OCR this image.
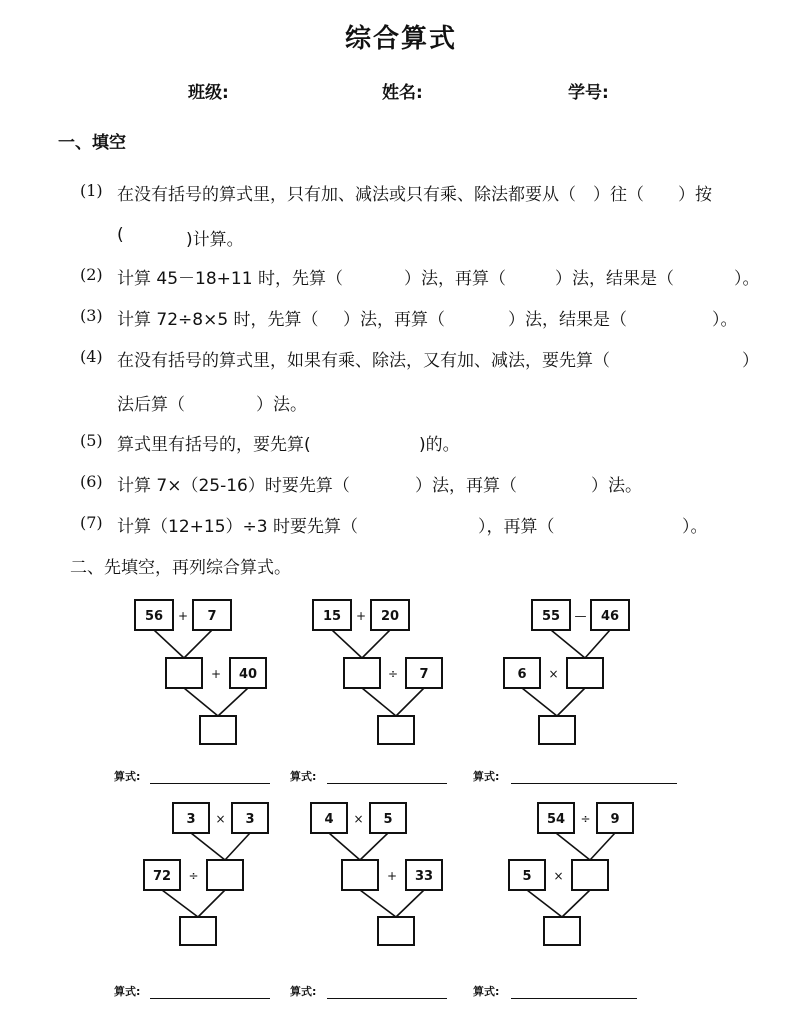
综合算式
班级:	姓名:	学号:
一、填空
(1) 在没有括号的算式里，只有加、减法或只有乘、除法都要从（　）往（　　）按
(	)计算。
(2) 计算 45－18+11 时，先算（	）法，再算（	）法，结果是（	）。
(3) 计算 72÷8×5 时，先算（ ）法，再算（	）法，结果是（	）。
(4) 在没有括号的算式里，如果有乘、除法，又有加、减法，要先算（	）
法后算（	）法。
(5) 算式里有括号的，要先算(	)的。
(6) 计算 7×（25-16）时要先算（	）法，再算（	）法。
(7) 计算（12+15）÷3 时要先算（	），再算（	）。
二、先填空，再列综合算式。
56	7
40
+
+
15	20
7
+
÷
55	46
6
—
×
3	3
72
×
÷
4	5
33
×
+
54	9
5
÷
×
算式:	算式:	算式:
算式:	算式:	算式:
